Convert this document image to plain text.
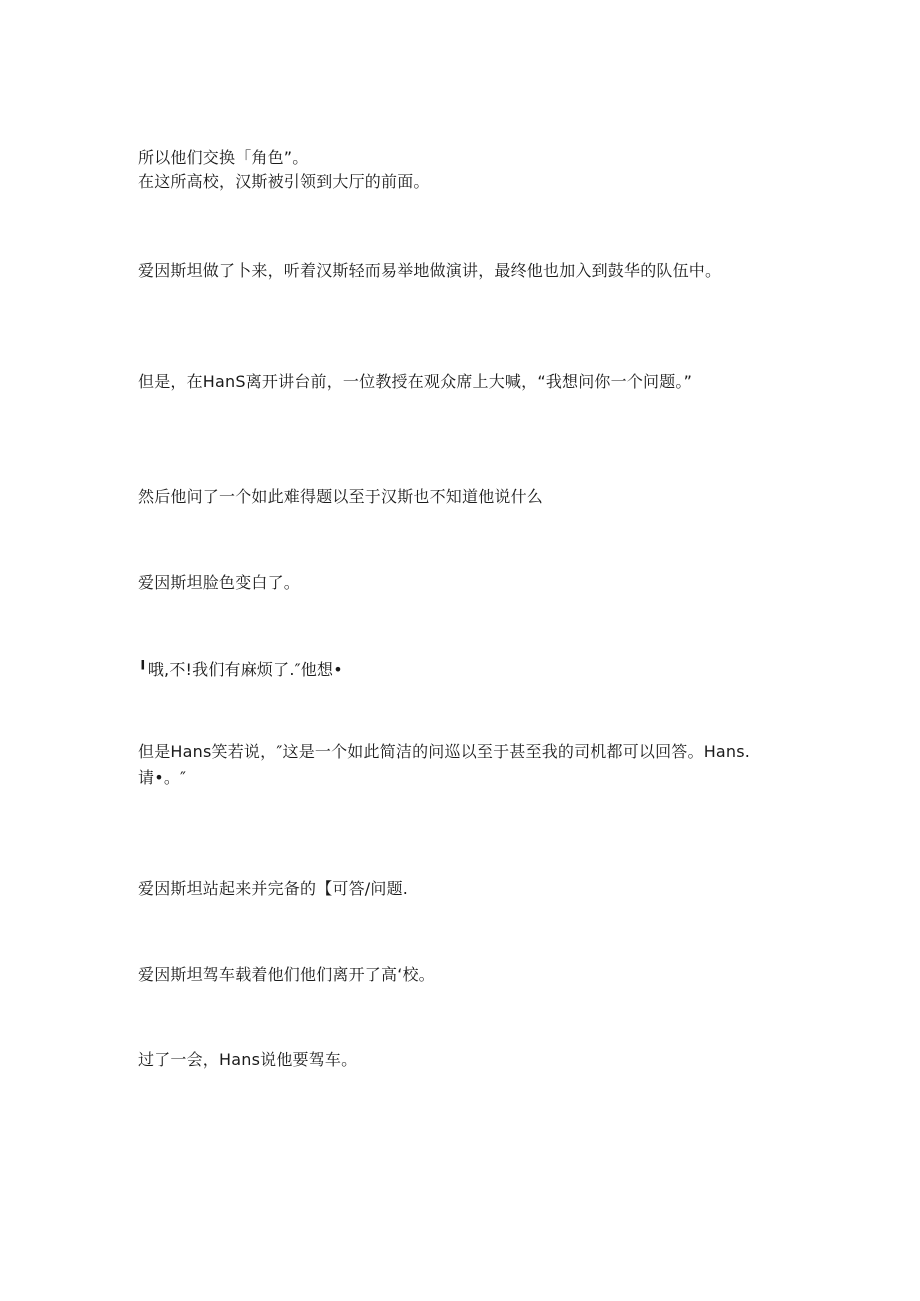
所以他们交换「角色”。

在这所高校，汉斯被引领到大厅的前面。

爱因斯坦做了卜来，听着汉斯轻而易举地做演讲，最终他也加入到鼓华的队伍中。

但是，在HanS离开讲台前，一位教授在观众席上大喊，“我想问你一个问题。”

然后他问了一个如此难得题以至于汉斯也不知道他说什么

爱因斯坦脸色变白了。

╹哦,不!我们有麻烦了.″他想•

但是Hans笑若说，″这是一个如此简洁的问巡以至于甚至我的司机都可以回答。Hans.

请•。″

爱因斯坦站起来并完备的【可答/问题.

爱因斯坦驾车载着他们他们离开了高‘校。

过了一会，Hans说他要驾车。
